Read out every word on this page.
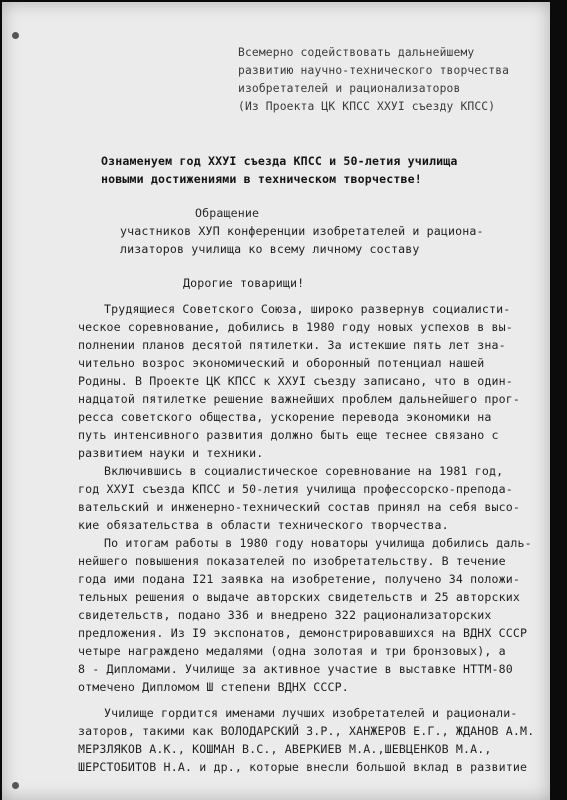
Всемерно содействовать дальнейшему
развитию научно-технического творчества
изобретателей и рационализаторов
(Из Проекта ЦК КПСС ХХУI съезду КПСС)
Ознаменуем год ХХУI съезда КПСС и 50-летия училища
новыми достижениями в техническом творчестве!
Обращение
участников ХУП конференции изобретателей и рациона-
лизаторов училища ко всему личному составу
Дорогие товарищи!
Трудящиеся Советского Союза, широко развернув социалисти-
ческое соревнование, добились в 1980 году новых успехов в вы-
полнении планов десятой пятилетки. За истекшие пять лет зна-
чительно возрос экономический и оборонный потенциал нашей
Родины. В Проекте ЦК КПСС к ХХУI съезду записано, что в один-
надцатой пятилетке решение важнейших проблем дальнейшего прог-
ресса советского общества, ускорение перевода экономики на
путь интенсивного развития должно быть еще теснее связано с
развитием науки и техники.
Включившись в социалистическое соревнование на 1981 год,
год ХХУI съезда КПСС и 50-летия училища профессорско-препода-
вательский и инженерно-технический состав принял на себя высо-
кие обязательства в области технического творчества.
По итогам работы в 1980 году новаторы училища добились даль-
нейшего повышения показателей по изобретательству. В течение
года ими подана I21 заявка на изобретение, получено 34 положи-
тельных решения о выдаче авторских свидетельств и 25 авторских
свидетельств, подано 336 и внедрено 322 рационализаторских
предложения. Из I9 экспонатов, демонстрировавшихся на ВДНХ СССР
четыре награждено медалями (одна золотая и три бронзовых), а
8 - Дипломами. Училище за активное участие в выставке НТТМ-80
отмечено Дипломом Ш степени ВДНХ СССР.
Училище гордится именами лучших изобретателей и рационали-
заторов, такими как ВОЛОДАРСКИЙ З.Р., ХАНЖЕРОВ Е.Г., ЖДАНОВ А.М.
МЕРЗЛЯКОВ А.К., КОШМАН В.С., АВЕРКИЕВ М.А.,ШЕВЦЕНКОВ М.А.,
ШЕРСТОБИТОВ Н.А. и др., которые внесли большой вклад в развитие
